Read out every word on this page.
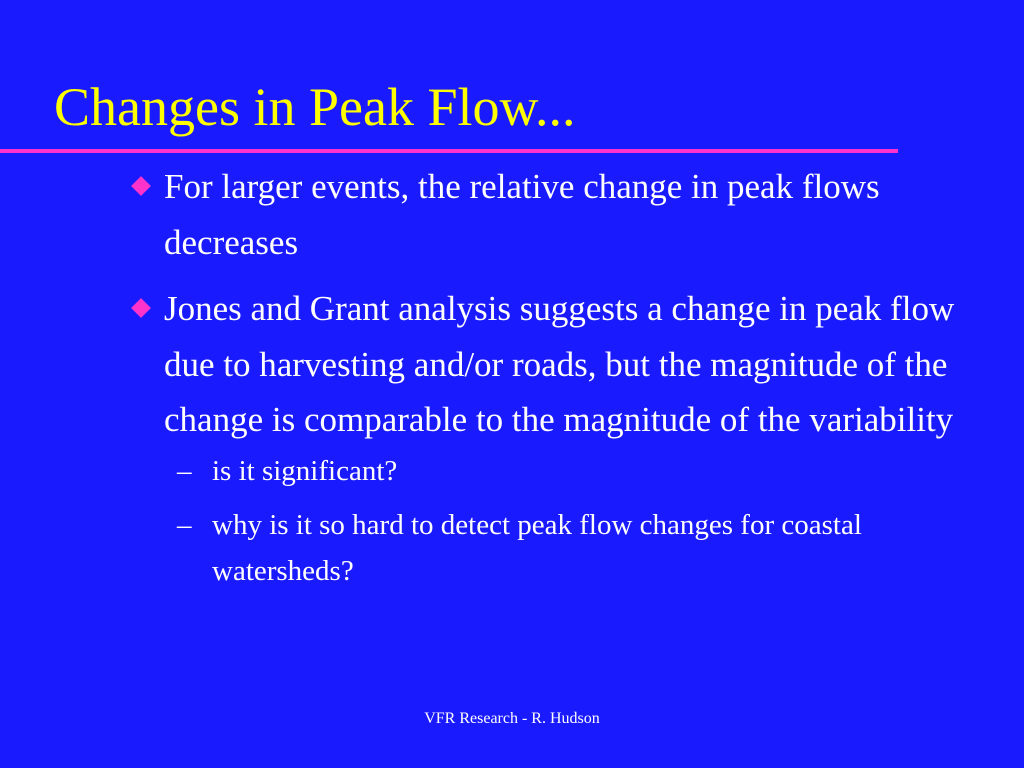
Changes in Peak Flow...
For larger events, the relative change in peak flows decreases
Jones and Grant analysis suggests a change in peak flow due to harvesting and/or roads, but the magnitude of the change is comparable to the magnitude of the variability
– is it significant?
– why is it so hard to detect peak flow changes for coastal watersheds?
VFR Research - R. Hudson
